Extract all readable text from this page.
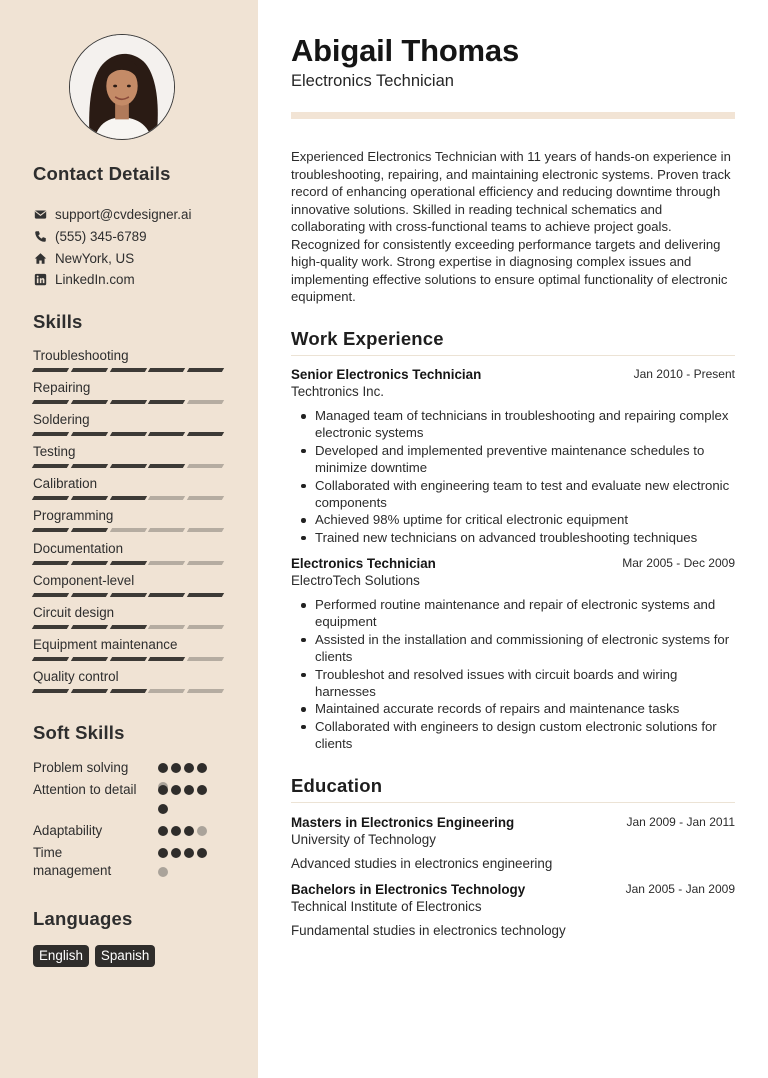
Contact Details
support@cvdesigner.ai
(555) 345-6789
NewYork, US
LinkedIn.com
Skills
Troubleshooting
Repairing
Soldering
Testing
Calibration
Programming
Documentation
Component-level
Circuit design
Equipment maintenance
Quality control
Soft Skills
Problem solving
Attention to detail
Adaptability
Time management
Languages
English	Spanish
Abigail Thomas
Electronics Technician
Experienced Electronics Technician with 11 years of hands-on experience in troubleshooting, repairing, and maintaining electronic systems. Proven track record of enhancing operational efficiency and reducing downtime through innovative solutions. Skilled in reading technical schematics and collaborating with cross-functional teams to achieve project goals. Recognized for consistently exceeding performance targets and delivering high-quality work. Strong expertise in diagnosing complex issues and implementing effective solutions to ensure optimal functionality of electronic equipment.
Work Experience
Senior Electronics Technician	Jan 2010 - Present
Techtronics Inc.
Managed team of technicians in troubleshooting and repairing complex electronic systems
Developed and implemented preventive maintenance schedules to minimize downtime
Collaborated with engineering team to test and evaluate new electronic components
Achieved 98% uptime for critical electronic equipment
Trained new technicians on advanced troubleshooting techniques
Electronics Technician	Mar 2005 - Dec 2009
ElectroTech Solutions
Performed routine maintenance and repair of electronic systems and equipment
Assisted in the installation and commissioning of electronic systems for clients
Troubleshot and resolved issues with circuit boards and wiring harnesses
Maintained accurate records of repairs and maintenance tasks
Collaborated with engineers to design custom electronic solutions for clients
Education
Masters in Electronics Engineering	Jan 2009 - Jan 2011
University of Technology
Advanced studies in electronics engineering
Bachelors in Electronics Technology	Jan 2005 - Jan 2009
Technical Institute of Electronics
Fundamental studies in electronics technology
